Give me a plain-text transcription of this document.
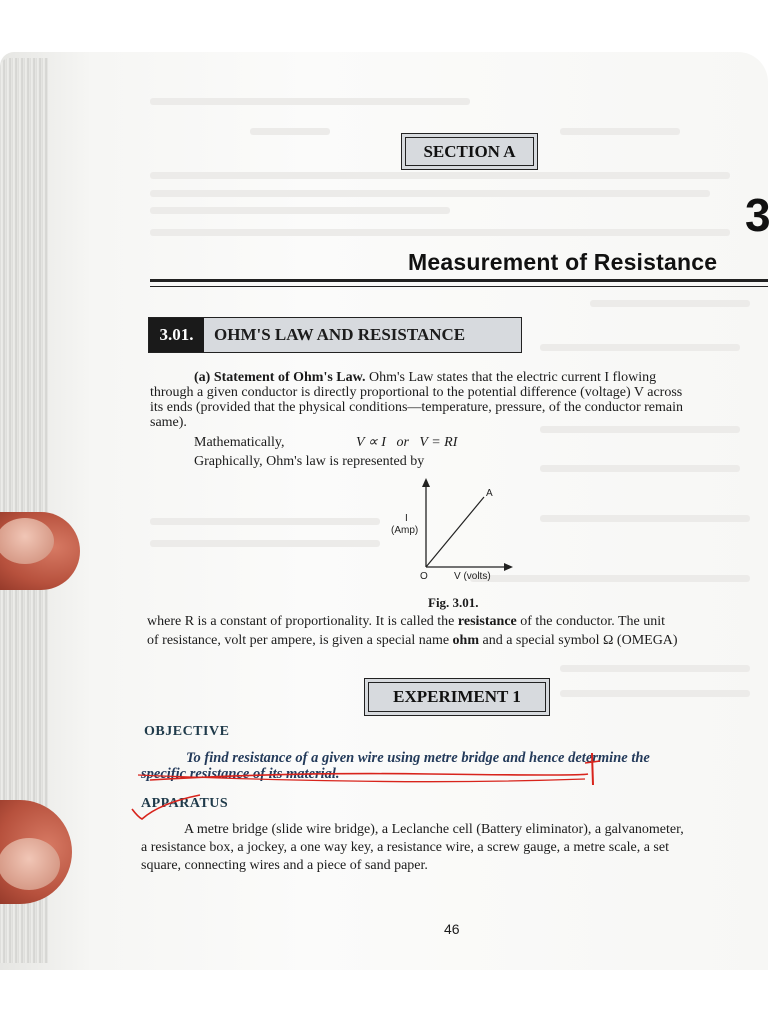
SECTION A
3
Measurement of Resistance
3.01.	OHM'S LAW AND RESISTANCE
(a) Statement of Ohm's Law. Ohm's Law states that the electric current I flowing
through a given conductor is directly proportional to the potential difference (voltage) V across
its ends (provided that the physical conditions—temperature, pressure, of the conductor remain
same).
Mathematically,	V ∝ I   or   V = RI
Graphically, Ohm's law is represented by
A
I
(Amp)
O	V (volts)
Fig. 3.01.
where R is a constant of proportionality. It is called the resistance of the conductor. The unit
of resistance, volt per ampere, is given a special name ohm and a special symbol Ω (OMEGA)
EXPERIMENT 1
OBJECTIVE
To find resistance of a given wire using metre bridge and hence determine the
specific resistance of its material.
APPARATUS
A metre bridge (slide wire bridge), a Leclanche cell (Battery eliminator), a galvanometer,
a resistance box, a jockey, a one way key, a resistance wire, a screw gauge, a metre scale, a set
square, connecting wires and a piece of sand paper.
46
